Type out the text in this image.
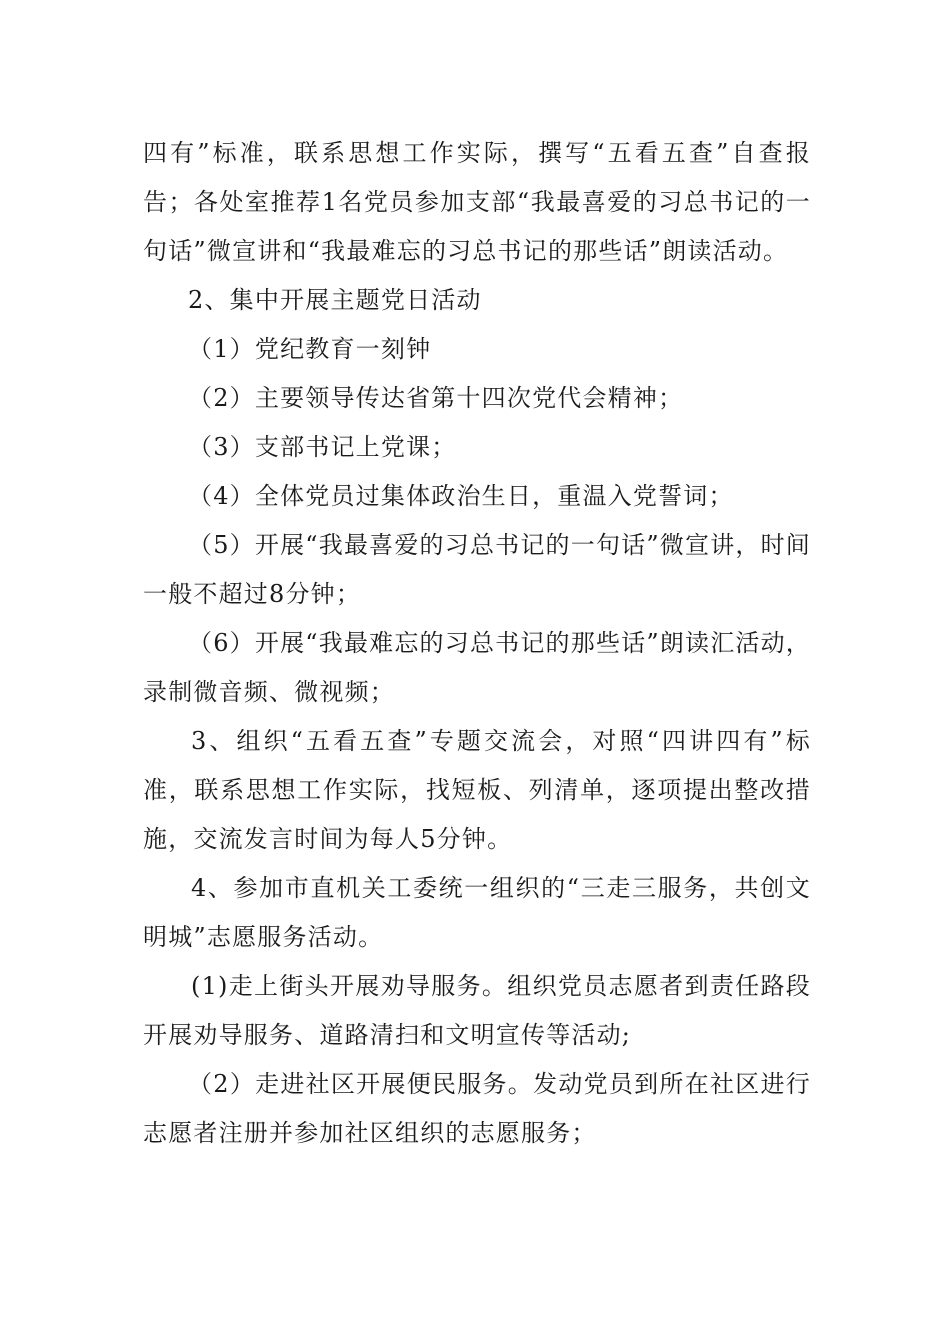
四有”标准，联系思想工作实际，撰写“五看五查”自查报告；各处室推荐1名党员参加支部“我最喜爱的习总书记的一句话”微宣讲和“我最难忘的习总书记的那些话”朗读活动。

2、集中开展主题党日活动

（1）党纪教育一刻钟

（2）主要领导传达省第十四次党代会精神；

（3）支部书记上党课；

（4）全体党员过集体政治生日，重温入党誓词；

（5）开展“我最喜爱的习总书记的一句话”微宣讲，时间一般不超过8分钟；

（6）开展“我最难忘的习总书记的那些话”朗读汇活动，录制微音频、微视频；

3、组织“五看五查”专题交流会，对照“四讲四有”标准，联系思想工作实际，找短板、列清单，逐项提出整改措施，交流发言时间为每人5分钟。

4、参加市直机关工委统一组织的“三走三服务，共创文明城”志愿服务活动。

(1)走上街头开展劝导服务。组织党员志愿者到责任路段开展劝导服务、道路清扫和文明宣传等活动;

（2）走进社区开展便民服务。发动党员到所在社区进行志愿者注册并参加社区组织的志愿服务；
